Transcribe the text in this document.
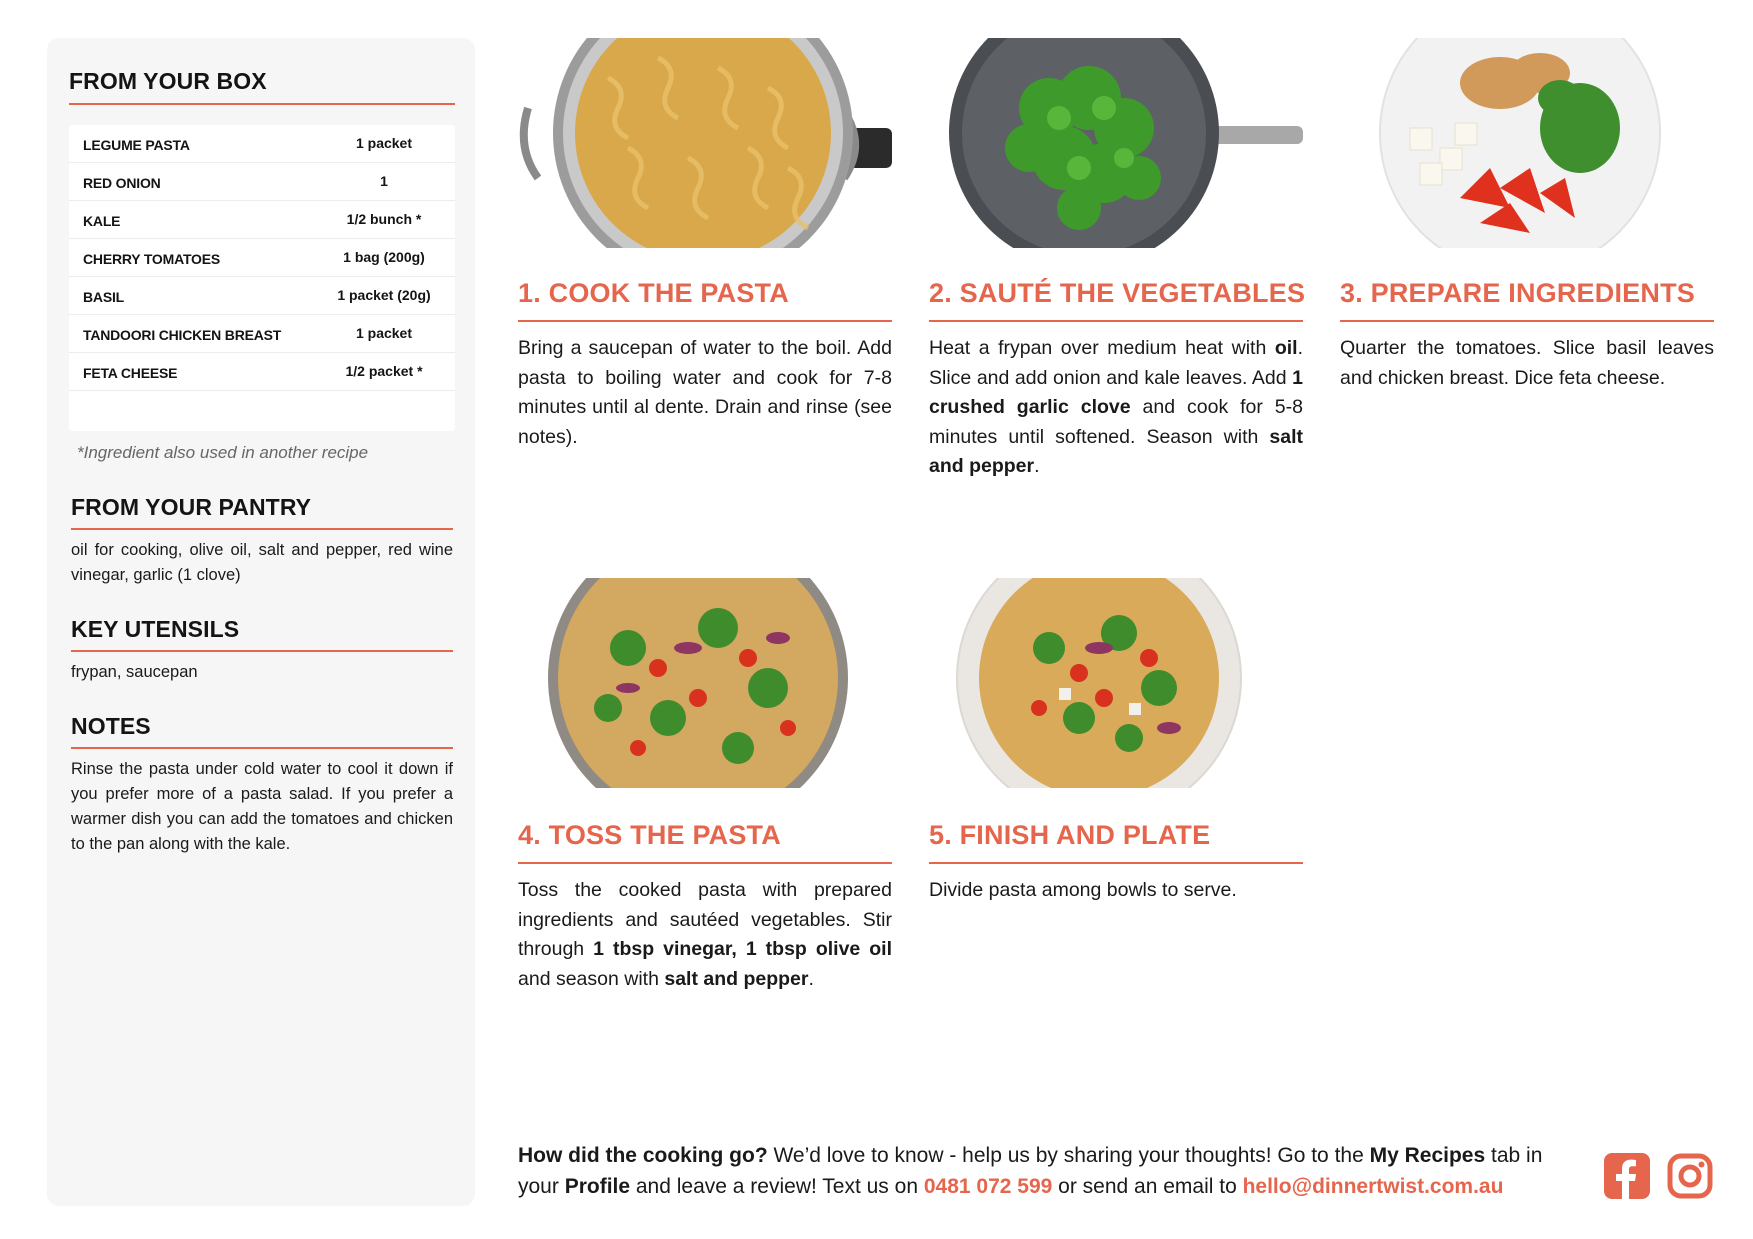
FROM YOUR BOX
LEGUME PASTA	1 packet
RED ONION	1
KALE	1/2 bunch *
CHERRY TOMATOES	1 bag (200g)
BASIL	1 packet (20g)
TANDOORI CHICKEN BREAST	1 packet
FETA CHEESE	1/2 packet *
*Ingredient also used in another recipe
FROM YOUR PANTRY
oil for cooking, olive oil, salt and pepper, red wine vinegar, garlic (1 clove)
KEY UTENSILS
frypan, saucepan
NOTES
Rinse the pasta under cold water to cool it down if you prefer more of a pasta salad. If you prefer a warmer dish you can add the tomatoes and chicken to the pan along with the kale.
1. COOK THE PASTA
Bring a saucepan of water to the boil. Add pasta to boiling water and cook for 7-8 minutes until al dente. Drain and rinse (see notes).
2. SAUTÉ THE VEGETABLES
Heat a frypan over medium heat with oil. Slice and add onion and kale leaves. Add 1 crushed garlic clove and cook for 5-8 minutes until softened. Season with salt and pepper.
3. PREPARE INGREDIENTS
Quarter the tomatoes. Slice basil leaves and chicken breast. Dice feta cheese.
4. TOSS THE PASTA
Toss the cooked pasta with prepared ingredients and sautéed vegetables. Stir through 1 tbsp vinegar, 1 tbsp olive oil and season with salt and pepper.
5. FINISH AND PLATE
Divide pasta among bowls to serve.
How did the cooking go? We’d love to know - help us by sharing your thoughts! Go to the My Recipes tab in your Profile and leave a review! Text us on 0481 072 599 or send an email to hello@dinnertwist.com.au
